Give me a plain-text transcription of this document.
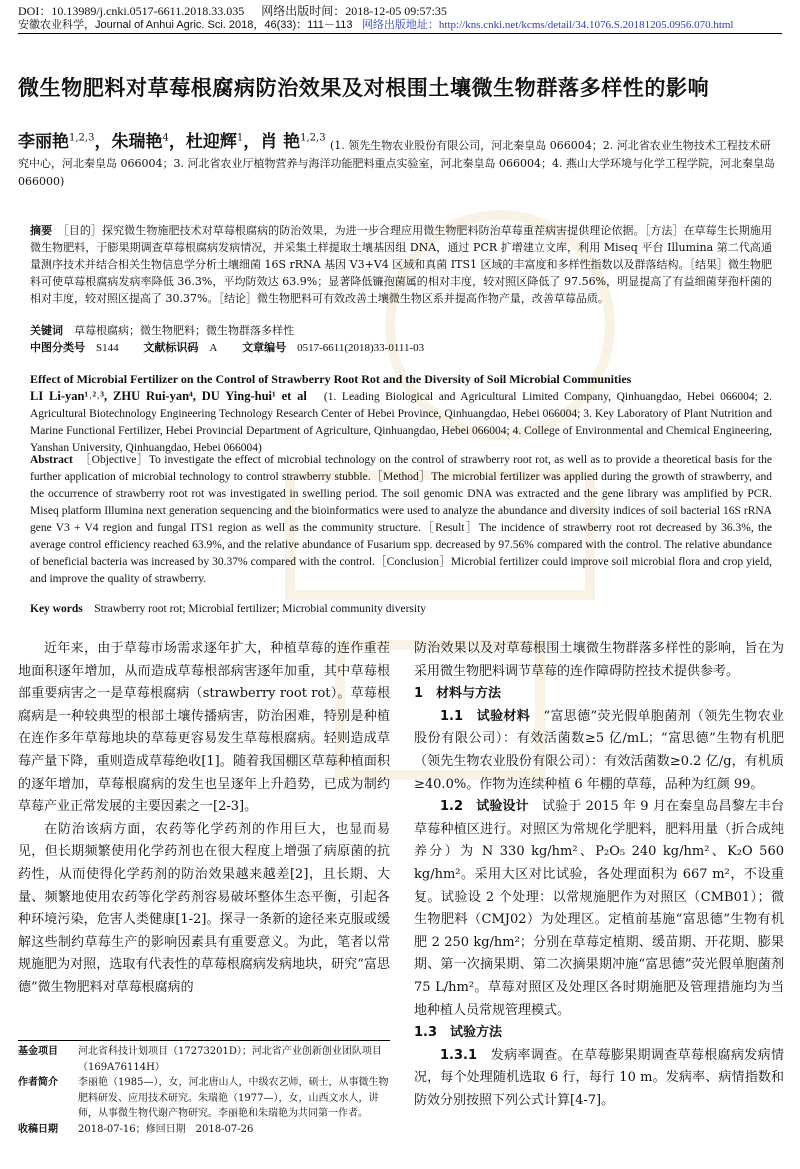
DOI：10.13989/j.cnki.0517-6611.2018.33.035 网络出版时间：2018-12-05 09:57:35
安徽农业科学，Journal of Anhui Agric. Sci. 2018，46(33)：111－113 网络出版地址：http://kns.cnki.net/kcms/detail/34.1076.S.20181205.0956.070.html
微生物肥料对草莓根腐病防治效果及对根围土壤微生物群落多样性的影响
李丽艳$^{1,2,3}$，朱瑞艳$^4$，杜迎辉$^1$，肖 艳$^{1,2,3}$
(1. 领先生物农业股份有限公司，河北秦皇岛 066004；2. 河北省农业生物技术工程技术研
究中心，河北秦皇岛 066004；3. 河北省农业厅植物营养与海洋功能肥料重点实验室，河北秦皇岛 066004；4. 燕山大学环境与化学工程学院，河北秦皇岛 066000)
摘要　 ［目的］探究微生物施肥技术对草莓根腐病的防治效果，为进一步合理应用微生物肥料防治草莓重茬病害提供理论依据。［方法］在草莓生长期施用微生物肥料，于膨果期调查草莓根腐病发病情况，并采集土样提取土壤基因组 DNA，通过 PCR 扩增建立文库，利用 Miseq 平台 Illumina 第二代高通量测序技术并结合相关生物信息学分析土壤细菌 16S rRNA 基因 V3+V4 区域和真菌 ITS1 区域的丰富度和多样性指数以及群落结构。［结果］微生物肥料可使草莓根腐病发病率降低 36.3%，平均防效达 63.9%；显著降低镰孢菌属的相对丰度，较对照区降低了 97.56%，明显提高了有益细菌芽孢杆菌的相对丰度，较对照区提高了 30.37%。［结论］微生物肥料可有效改善土壤微生物区系并提高作物产量，改善草莓品质。
关键词　 草莓根腐病；微生物肥料；微生物群落多样性
中图分类号　 S144 文献标识码　 A 文章编号　 0517-6611(2018)33-0111-03
Effect of Microbial Fertilizer on the Control of Strawberry Root Rot and the Diversity of Soil Microbial Communities
LI Li-yan¹˒²˒³, ZHU Rui-yan⁴, DU Ying-hui¹ et al　 (1. Leading Biological and Agricultural Limited Company, Qinhuangdao, Hebei 066004; 2. Agricultural Biotechnology Engineering Technology Research Center of Hebei Province, Qinhuangdao, Hebei 066004; 3. Key Laboratory of Plant Nutrition and Marine Functional Fertilizer, Hebei Provincial Department of Agriculture, Qinhuangdao, Hebei 066004; 4. College of Environmental and Chemical Engineering, Yanshan University, Qinhuangdao, Hebei 066004)
Abstract　 ［Objective］To investigate the effect of microbial technology on the control of strawberry root rot, as well as to provide a theoretical basis for the further application of microbial technology to control strawberry stubble.［Method］The microbial fertilizer was applied during the growth of strawberry, and the occurrence of strawberry root rot was investigated in swelling period. The soil genomic DNA was extracted and the gene library was amplified by PCR. Miseq platform Illumina next generation sequencing and the bioinformatics were used to analyze the abundance and diversity indices of soil bacterial 16S rRNA gene V3 + V4 region and fungal ITS1 region as well as the community structure.［Result］The incidence of strawberry root rot decreased by 36.3%, the average control efficiency reached 63.9%, and the relative abundance of Fusarium spp. decreased by 97.56% compared with the control. The relative abundance of beneficial bacteria was increased by 30.37% compared with the control.［Conclusion］Microbial fertilizer could improve soil microbial flora and crop yield, and improve the quality of strawberry.
Key words　 Strawberry root rot; Microbial fertilizer; Microbial community diversity

近年来，由于草莓市场需求逐年扩大，种植草莓的连作重茬地面积逐年增加，从而造成草莓根部病害逐年加重，其中草莓根部重要病害之一是草莓根腐病（strawberry root rot）。草莓根腐病是一种较典型的根部土壤传播病害，防治困难，特别是种植在连作多年草莓地块的草莓更容易发生草莓根腐病。轻则造成草莓产量下降，重则造成草莓绝收[1]。随着我国棚区草莓种植面积的逐年增加，草莓根腐病的发生也呈逐年上升趋势，已成为制约草莓产业正常发展的主要因素之一[2-3]。

在防治该病方面，农药等化学药剂的作用巨大，也显而易见，但长期频繁使用化学药剂也在很大程度上增强了病原菌的抗药性，从而使得化学药剂的防治效果越来越差[2]，且长期、大量、频繁地使用农药等化学药剂容易破坏整体生态平衡，引起各种环境污染，危害人类健康[1-2]。探寻一条新的途径来克服或缓解这些制约草莓生产的影响因素具有重要意义。为此，笔者以常规施肥为对照，选取有代表性的草莓根腐病发病地块，研究“富思德”微生物肥料对草莓根腐病的

防治效果以及对草莓根围土壤微生物群落多样性的影响，旨在为采用微生物肥料调节草莓的连作障碍防控技术提供参考。

1　材料与方法

1.1　试验材料　 “富思德”荧光假单胞菌剂（领先生物农业股份有限公司）：有效活菌数≥5 亿/mL；“富思德”生物有机肥（领先生物农业股份有限公司）：有效活菌数≥0.2 亿/g，有机质≥40.0%。作物为连续种植 6 年棚的草莓，品种为红颜 99。

1.2　试验设计　 试验于 2015 年 9 月在秦皇岛昌黎左丰台草莓种植区进行。对照区为常规化学肥料，肥料用量（折合成纯养分）为 N 330 kg/hm²、P₂O₅ 240 kg/hm²、K₂O 560 kg/hm²。采用大区对比试验，各处理面积为 667 m²，不设重复。试验设 2 个处理：以常规施肥作为对照区（CMB01）；微生物肥料（CMJ02）为处理区。定植前基施“富思德”生物有机肥 2 250 kg/hm²；分别在草莓定植期、缓苗期、开花期、膨果期、第一次摘果期、第二次摘果期冲施“富思德”荧光假单胞菌剂 75 L/hm²。草莓对照区及处理区各时期施肥及管理措施均为当地种植人员常规管理模式。

1.3　试验方法

1.3.1　 发病率调查。在草莓膨果期调查草莓根腐病发病情况，每个处理随机选取 6 行，每行 10 m。发病率、病情指数和防效分别按照下列公式计算[4-7]。

基金项目	河北省科技计划项目（17273201D）；河北省产业创新创业团队项目（169A76114H）
作者简介	李丽艳（1985—），女，河北唐山人，中级农艺师，硕士，从事微生物肥料研发、应用技术研究。朱瑞艳（1977—），女，山西文水人，讲师，从事微生物代谢产物研究。李丽艳和朱瑞艳为共同第一作者。
收稿日期	2018-07-16；修回日期　2018-07-26
